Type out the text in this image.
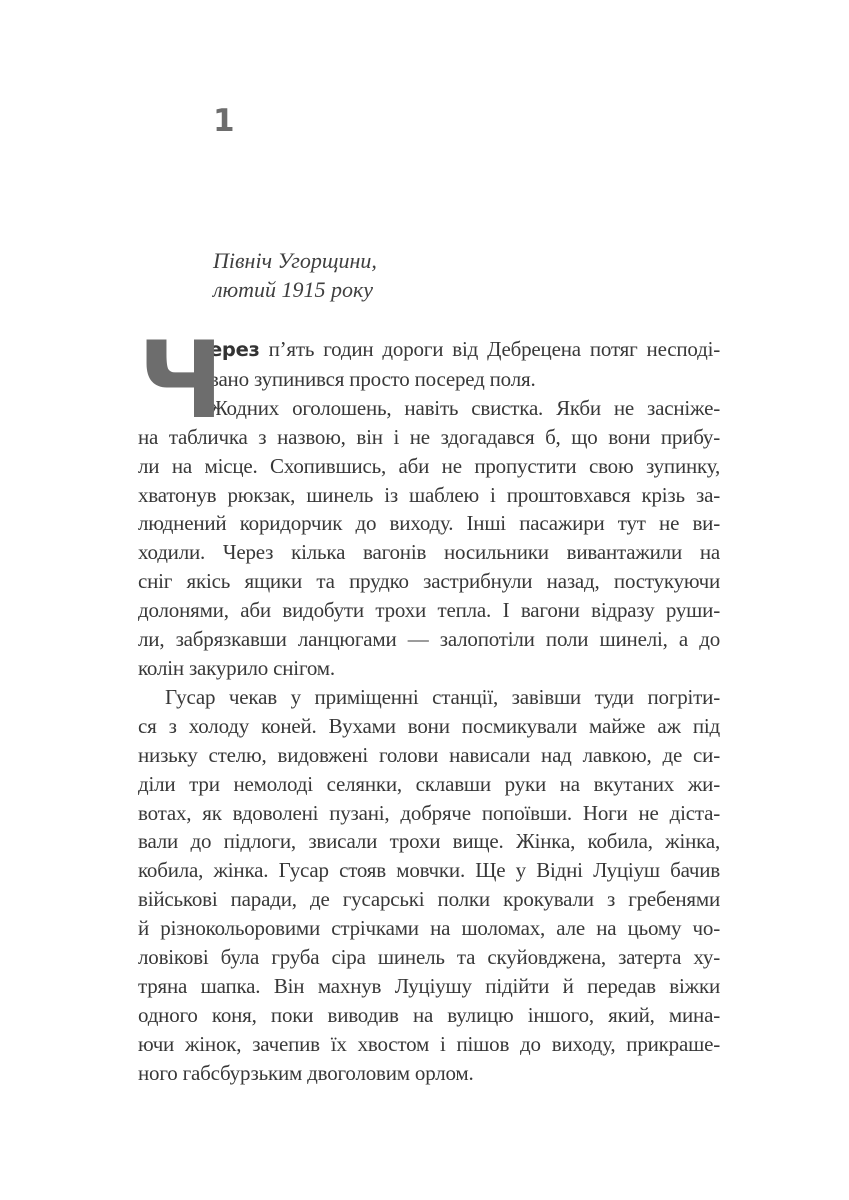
1
Північ Угорщини,
лютий 1915 року
Ч
ерез п’ять годин дороги від Дебрецена потяг несподі-
вано зупинився просто посеред поля.
Жодних оголошень, навіть свистка. Якби не засніже-
на табличка з назвою, він і не здогадався б, що вони прибу-
ли на місце. Схопившись, аби не пропустити свою зупинку,
хватонув рюкзак, шинель із шаблею і проштовхався крізь за-
люднений коридорчик до виходу. Інші пасажири тут не ви-
ходили. Через кілька вагонів носильники вивантажили на
сніг якісь ящики та прудко застрибнули назад, постукуючи
долонями, аби видобути трохи тепла. І вагони відразу руши-
ли, забрязкавши ланцюгами — залопотіли поли шинелі, а до
колін закурило снігом.
Гусар чекав у приміщенні станції, завівши туди погріти-
ся з холоду коней. Вухами вони посмикували майже аж під
низьку стелю, видовжені голови нависали над лавкою, де си-
діли три немолоді селянки, склавши руки на вкутаних жи-
вотах, як вдоволені пузані, добряче попоївши. Ноги не діста-
вали до підлоги, звисали трохи вище. Жінка, кобила, жінка,
кобила, жінка. Гусар стояв мовчки. Ще у Відні Луціуш бачив
військові паради, де гусарські полки крокували з гребенями
й різнокольоровими стрічками на шоломах, але на цьому чо-
ловікові була груба сіра шинель та скуйовджена, затерта ху-
тряна шапка. Він махнув Луціушу підійти й передав віжки
одного коня, поки виводив на вулицю іншого, який, мина-
ючи жінок, зачепив їх хвостом і пішов до виходу, прикраше-
ного габсбурзьким двоголовим орлом.
